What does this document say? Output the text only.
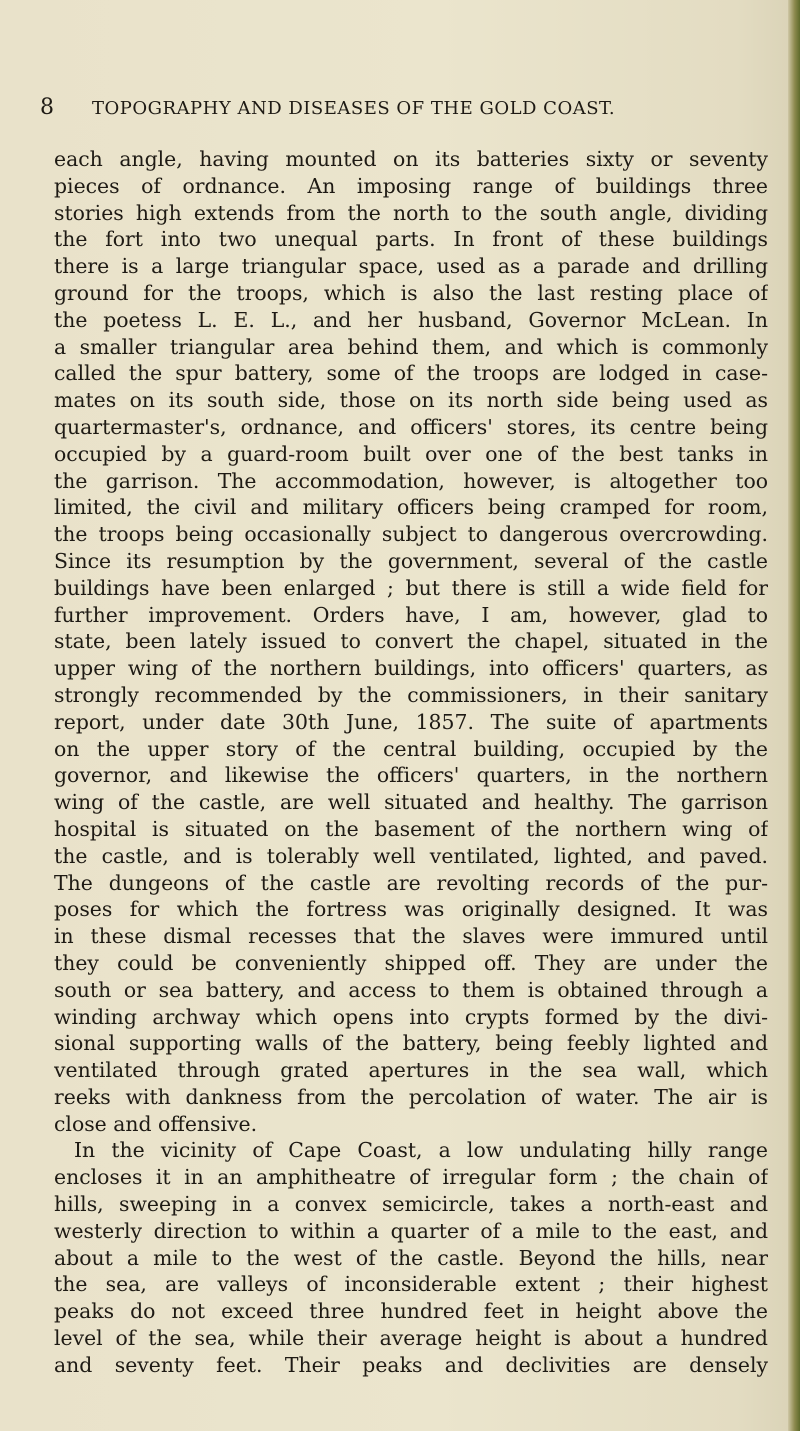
8 TOPOGRAPHY AND DISEASES OF THE GOLD COAST.
each angle, having mounted on its batteries sixty or seventy
pieces of ordnance. An imposing range of buildings three
stories high extends from the north to the south angle, dividing
the fort into two unequal parts. In front of these buildings
there is a large triangular space, used as a parade and drilling
ground for the troops, which is also the last resting place of
the poetess L. E. L., and her husband, Governor McLean. In
a smaller triangular area behind them, and which is commonly
called the spur battery, some of the troops are lodged in case-
mates on its south side, those on its north side being used as
quartermaster's, ordnance, and officers' stores, its centre being
occupied by a guard-room built over one of the best tanks in
the garrison. The accommodation, however, is altogether too
limited, the civil and military officers being cramped for room,
the troops being occasionally subject to dangerous overcrowding.
Since its resumption by the government, several of the castle
buildings have been enlarged ; but there is still a wide field for
further improvement. Orders have, I am, however, glad to
state, been lately issued to convert the chapel, situated in the
upper wing of the northern buildings, into officers' quarters, as
strongly recommended by the commissioners, in their sanitary
report, under date 30th June, 1857. The suite of apartments
on the upper story of the central building, occupied by the
governor, and likewise the officers' quarters, in the northern
wing of the castle, are well situated and healthy. The garrison
hospital is situated on the basement of the northern wing of
the castle, and is tolerably well ventilated, lighted, and paved.
The dungeons of the castle are revolting records of the pur-
poses for which the fortress was originally designed. It was
in these dismal recesses that the slaves were immured until
they could be conveniently shipped off. They are under the
south or sea battery, and access to them is obtained through a
winding archway which opens into crypts formed by the divi-
sional supporting walls of the battery, being feebly lighted and
ventilated through grated apertures in the sea wall, which
reeks with dankness from the percolation of water. The air is
close and offensive.
In the vicinity of Cape Coast, a low undulating hilly range
encloses it in an amphitheatre of irregular form ; the chain of
hills, sweeping in a convex semicircle, takes a north-east and
westerly direction to within a quarter of a mile to the east, and
about a mile to the west of the castle. Beyond the hills, near
the sea, are valleys of inconsiderable extent ; their highest
peaks do not exceed three hundred feet in height above the
level of the sea, while their average height is about a hundred
and seventy feet. Their peaks and declivities are densely
